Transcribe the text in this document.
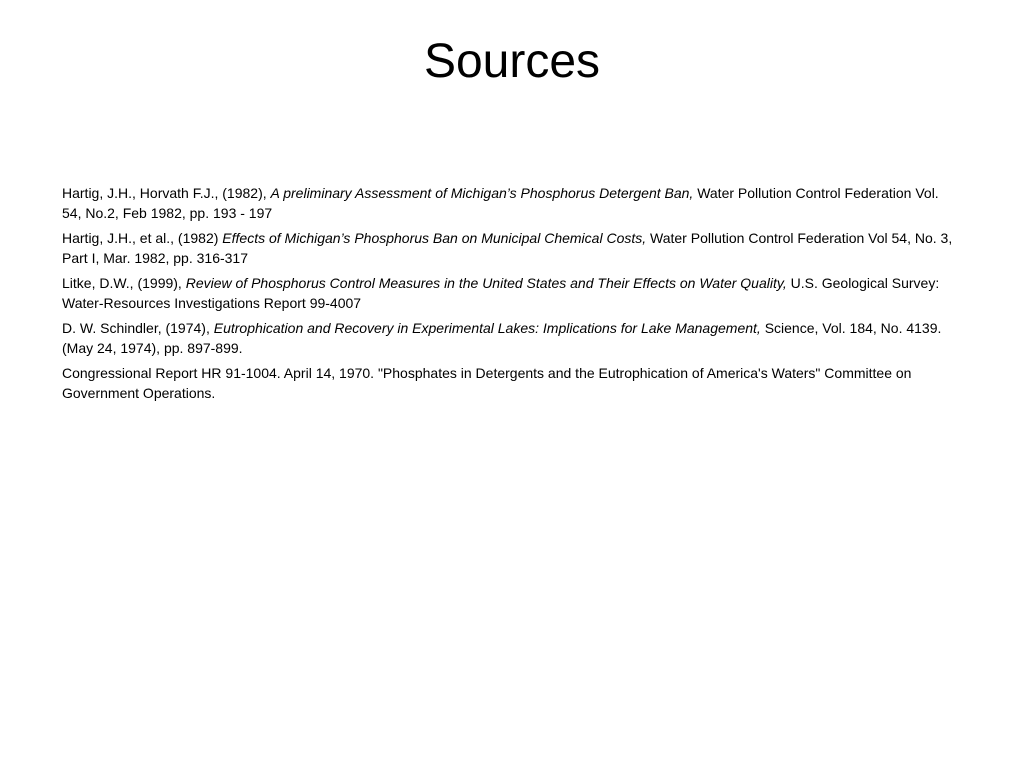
Sources
Hartig, J.H., Horvath F.J., (1982), A preliminary Assessment of Michigan’s Phosphorus Detergent Ban, Water Pollution Control Federation Vol. 54, No.2, Feb 1982, pp. 193 - 197
Hartig, J.H., et al., (1982) Effects of Michigan’s Phosphorus Ban on Municipal Chemical Costs, Water Pollution Control Federation Vol 54, No. 3, Part I, Mar. 1982, pp. 316-317
Litke, D.W., (1999), Review of Phosphorus Control Measures in the United States and Their Effects on Water Quality, U.S. Geological Survey: Water-Resources Investigations Report 99-4007
D. W. Schindler, (1974), Eutrophication and Recovery in Experimental Lakes: Implications for Lake Management, Science, Vol. 184, No. 4139. (May 24, 1974), pp. 897-899.
Congressional Report HR 91-1004. April 14, 1970. "Phosphates in Detergents and the Eutrophication of America's Waters" Committee on Government Operations.
